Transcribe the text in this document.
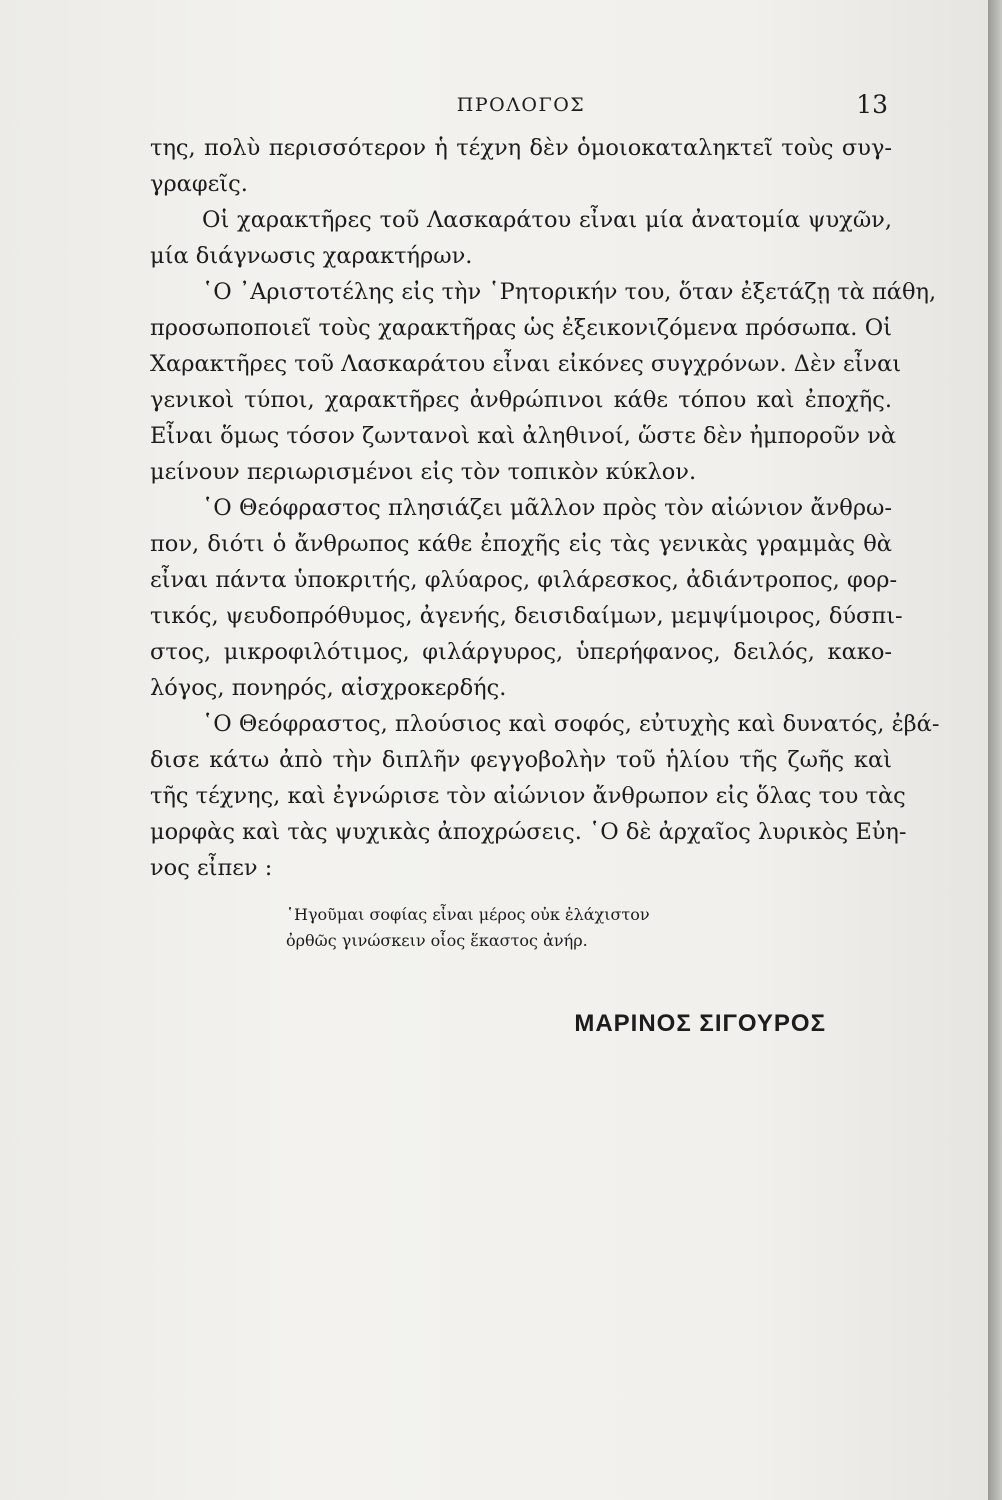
ΠΡΟΛΟΓΟΣ	13
της, πολὺ περισσότερον ἡ τέχνη δὲν ὁμοιοκαταληκτεῖ τοὺς συγ-
γραφεῖς.
Οἱ χαρακτῆρες τοῦ Λασκαράτου εἶναι μία ἀνατομία ψυχῶν,
μία διάγνωσις χαρακτήρων.
῾Ο ᾿Αριστοτέλης εἰς τὴν ῾Ρητορικήν του, ὅταν ἐξετάζῃ τὰ πάθη,
προσωποποιεῖ τοὺς χαρακτῆρας ὡς ἐξεικονιζόμενα πρόσωπα. Οἱ
Χαρακτῆρες τοῦ Λασκαράτου εἶναι εἰκόνες συγχρόνων. Δὲν εἶναι
γενικοὶ τύποι, χαρακτῆρες ἀνθρώπινοι κάθε τόπου καὶ ἐποχῆς.
Εἶναι ὅμως τόσον ζωντανοὶ καὶ ἀληθινοί, ὥστε δὲν ἠμποροῦν νὰ
μείνουν περιωρισμένοι εἰς τὸν τοπικὸν κύκλον.
῾Ο Θεόφραστος πλησιάζει μᾶλλον πρὸς τὸν αἰώνιον ἄνθρω-
πον, διότι ὁ ἄνθρωπος κάθε ἐποχῆς εἰς τὰς γενικὰς γραμμὰς θὰ
εἶναι πάντα ὑποκριτής, φλύαρος, φιλάρεσκος, ἀδιάντροπος, φορ-
τικός, ψευδοπρόθυμος, ἀγενής, δεισιδαίμων, μεμψίμοιρος, δύσπι-
στος, μικροφιλότιμος, φιλάργυρος, ὑπερήφανος, δειλός, κακο-
λόγος, πονηρός, αἰσχροκερδής.
῾Ο Θεόφραστος, πλούσιος καὶ σοφός, εὐτυχὴς καὶ δυνατός, ἐβά-
δισε κάτω ἀπὸ τὴν διπλῆν φεγγοβολὴν τοῦ ἡλίου τῆς ζωῆς καὶ
τῆς τέχνης, καὶ ἐγνώρισε τὸν αἰώνιον ἄνθρωπον εἰς ὅλας του τὰς
μορφὰς καὶ τὰς ψυχικὰς ἀποχρώσεις. ῾Ο δὲ ἀρχαῖος λυρικὸς Εὐη-
νος εἶπεν :
῾Ηγοῦμαι σοφίας εἶναι μέρος οὐκ ἐλάχιστον
ὀρθῶς γινώσκειν οἷος ἕκαστος ἀνήρ.
ΜΑΡΙΝΟΣ ΣΙΓΟΥΡΟΣ
